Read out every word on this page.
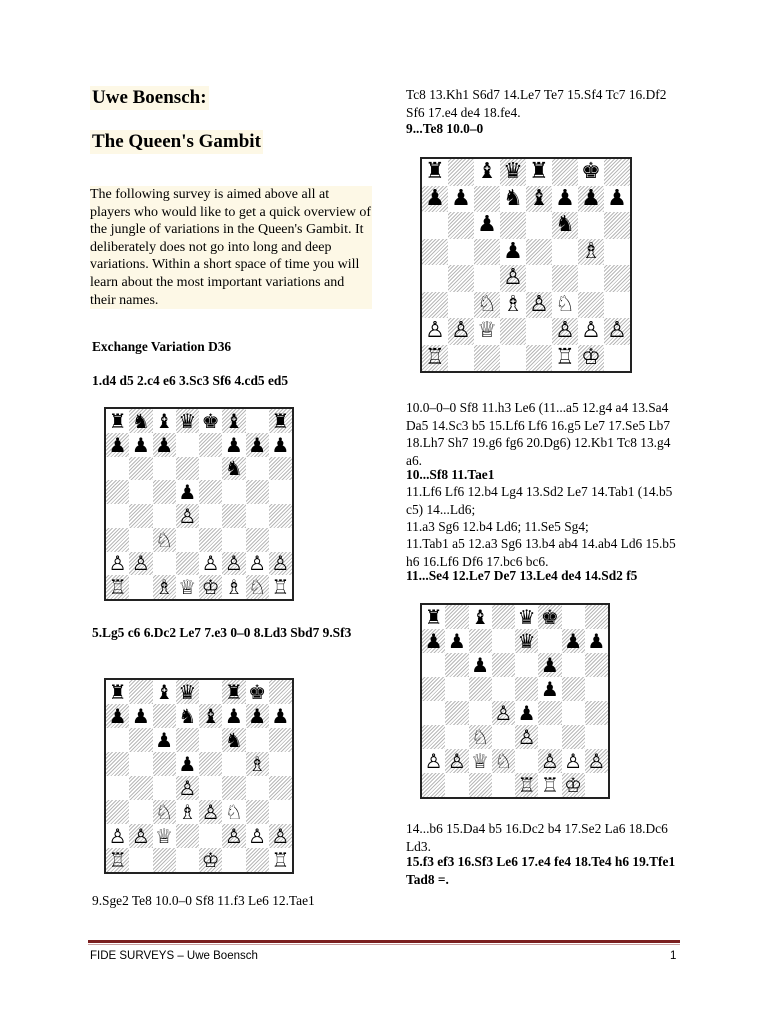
Uwe Boensch:
The Queen's Gambit
The following survey is aimed above all at players who would like to get a quick overview of the jungle of variations in the Queen's Gambit. It deliberately does not go into long and deep variations. Within a short space of time you will learn about the most important variations and their names.
Exchange Variation D36
1.d4 d5 2.c4 e6 3.Sc3 Sf6 4.cd5 ed5
♜ ♞ ♝ ♛ ♚ ♝ ♜
♟ ♟ ♟	♟ ♟ ♟
♞
♟
♙
♘
♙ ♙	♙ ♙ ♙ ♙
♖ ♗ ♕ ♔ ♗ ♘ ♖
5.Lg5 c6 6.Dc2 Le7 7.e3 0–0 8.Ld3 Sbd7 9.Sf3
♜ ♝ ♛ ♜ ♚
♟ ♟ ♞ ♝ ♟ ♟ ♟
♟	♞
♟	♗
♙
♘ ♗ ♙ ♘
♙ ♙ ♕	♙ ♙ ♙
♖	♔	♖
9.Sge2 Te8 10.0–0 Sf8 11.f3 Le6 12.Tae1
Tc8 13.Kh1 S6d7 14.Le7 Te7 15.Sf4 Tc7 16.Df2 Sf6 17.e4 de4 18.fe4.
9...Te8 10.0–0
♜ ♝ ♛ ♜ ♚
♟ ♟ ♞ ♝ ♟ ♟ ♟
♟	♞
♟	♗
♙
♘ ♗ ♙ ♘
♙ ♙ ♕	♙ ♙ ♙
♖	♖ ♔
10.0–0–0 Sf8 11.h3 Le6 (11...a5 12.g4 a4 13.Sa4 Da5 14.Sc3 b5 15.Lf6 Lf6 16.g5 Le7 17.Se5 Lb7 18.Lh7 Sh7 19.g6 fg6 20.Dg6) 12.Kb1 Tc8 13.g4 a6.
10...Sf8 11.Tae1
11.Lf6 Lf6 12.b4 Lg4 13.Sd2 Le7 14.Tab1 (14.b5 c5) 14...Ld6;
11.a3 Sg6 12.b4 Ld6; 11.Se5 Sg4;
11.Tab1 a5 12.a3 Sg6 13.b4 ab4 14.ab4 Ld6 15.b5 h6 16.Lf6 Df6 17.bc6 bc6.
11...Se4 12.Le7 De7 13.Le4 de4 14.Sd2 f5
♜ ♝ ♛ ♚
♟ ♟	♛ ♟ ♟
♟	♟
♟
♙ ♟
♘ ♙
♙ ♙ ♕ ♘ ♙ ♙ ♙
♖ ♖ ♔
14...b6 15.Da4 b5 16.Dc2 b4 17.Se2 La6 18.Dc6 Ld3.
15.f3 ef3 16.Sf3 Le6 17.e4 fe4 18.Te4 h6 19.Tfe1 Tad8 =.
FIDE SURVEYS – Uwe Boensch	1
